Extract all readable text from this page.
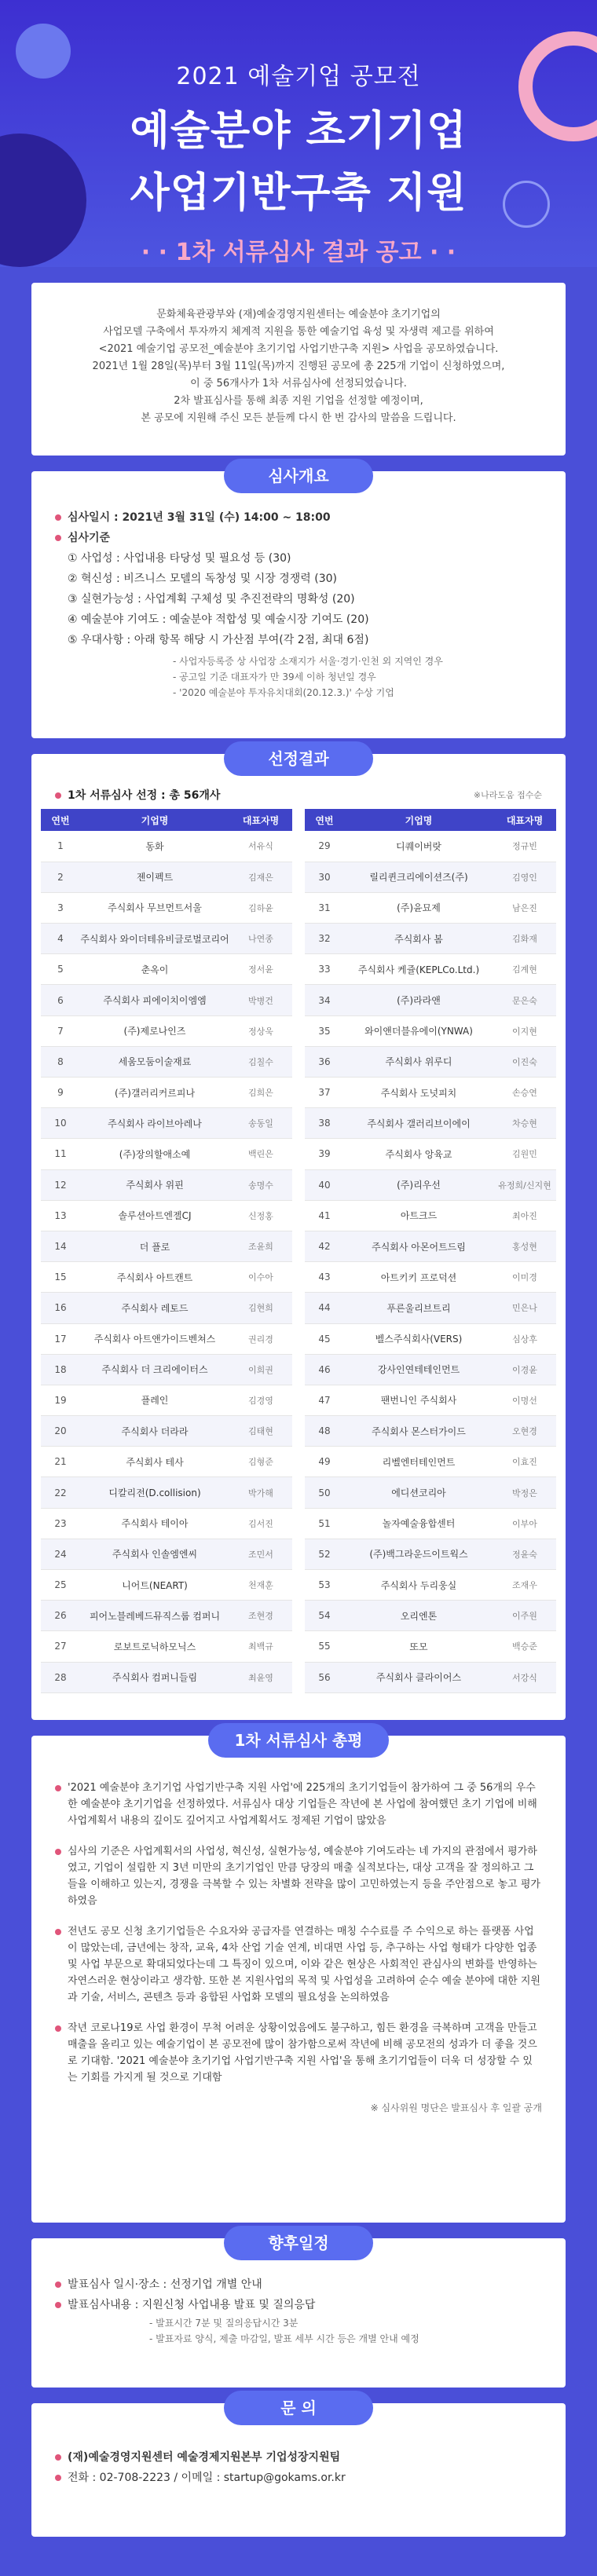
2021 예술기업 공모전
예술분야 초기기업
사업기반구축 지원
· · 1차 서류심사 결과 공고 · ·
문화체육관광부와 (재)예술경영지원센터는 예술분야 초기기업의
사업모델 구축에서 투자까지 체계적 지원을 통한 예술기업 육성 및 자생력 제고를 위하여
<2021 예술기업 공모전_예술분야 초기기업 사업기반구축 지원> 사업을 공모하였습니다.
2021년 1월 28일(목)부터 3월 11일(목)까지 진행된 공모에 총 225개 기업이 신청하였으며,
이 중 56개사가 1차 서류심사에 선정되었습니다.
2차 발표심사를 통해 최종 지원 기업을 선정할 예정이며,
본 공모에 지원해 주신 모든 분들께 다시 한 번 감사의 말씀을 드립니다.
심사개요
심사일시 : 2021년 3월 31일 (수) 14:00 ~ 18:00
심사기준
① 사업성 : 사업내용 타당성 및 필요성 등 (30)
② 혁신성 : 비즈니스 모델의 독창성 및 시장 경쟁력 (30)
③ 실현가능성 : 사업계획 구체성 및 추진전략의 명확성 (20)
④ 예술분야 기여도 : 예술분야 적합성 및 예술시장 기여도 (20)
⑤ 우대사항 : 아래 항목 해당 시 가산점 부여(각 2점, 최대 6점)
- 사업자등록증 상 사업장 소재지가 서울·경기·인천 외 지역인 경우
- 공고일 기준 대표자가 만 39세 이하 청년일 경우
- '2020 예술분야 투자유치대회(20.12.3.)' 수상 기업
선정결과
1차 서류심사 선정 : 총 56개사	※나라도움 접수순
연번	기업명	대표자명
1	동화	서유식
2	젠이펙트	김재은
3	주식회사 무브먼트서울	김하윤
4	주식회사 와이더테유비글로벌코리어	나연종
5	춘옥이	정서윤
6	주식회사 피에이치이엠엠	박병건
7	(주)제로나인즈	정상욱
8	세움모둠이술재료	김칠수
9	(주)갤러리커르피나	김희은
10	주식회사 라이브아레나	송동일
11	(주)장의할애소예	백린은
12	주식회사 위핀	송명수
13	솔루션아트엔젤CJ	신정홍
14	더 플로	조윤희
15	주식회사 아트캔트	이수아
16	주식회사 레토드	김현희
17	주식회사 아트앤가이드벤쳐스	권리경
18	주식회사 더 크리에이터스	이희권
19	플레인	김경영
20	주식회사 더라라	김태현
21	주식회사 테사	김형준
22	디칼리전(D.collision)	박가해
23	주식회사 테이아	김서진
24	주식회사 인솔엠엔씨	조민서
25	니어트(NEART)	천재훈
26	피어노블레베드뮤직스룹 컴퍼니	조현경
27	로보트로닉하모닉스	최백규
28	주식회사 컴퍼니들림	최윤영
연번	기업명	대표자명
29	디퀘이버랏	정규빈
30	릴리퀸크리에이션즈(주)	김영인
31	(주)윤묘제	남은진
32	주식회사 봄	김화재
33	주식회사 케쥴(KEPLCo.Ltd.)	김계현
34	(주)라라앤	문은숙
35	와이앤더블유에이(YNWA)	이지현
36	주식회사 위루디	이진숙
37	주식회사 도넛피치	손승연
38	주식회사 갤러리브이에이	차승현
39	주식회사 앙육교	김원민
40	(주)리우선	유정희/신지현
41	아트크드	최아진
42	주식회사 아몬어트드림	홍성현
43	아트키키 프로덕션	이미경
44	푸른울리브트리	민은나
45	벨스주식회사(VERS)	심상후
46	강사인연테테인먼트	이경윤
47	팬번니인 주식회사	이명선
48	주식회사 몬스터가이드	오현경
49	리벨엔터테인먼트	이효진
50	에디션코리아	박정은
51	놀자예술융합센터	이부아
52	(주)백그라운드이트웍스	정윤숙
53	주식회사 두리웅실	조재우
54	오리엔톤	이주원
55	또모	백승준
56	주식회사 클라이어스	서강식
1차 서류심사 총평
'2021 예술분야 초기기업 사업기반구축 지원 사업'에 225개의 초기기업들이 참가하여 그 중 56개의 우수한 예술분야 초기기업을 선정하였다. 서류심사 대상 기업들은 작년에 본 사업에 참여했던 초기 기업에 비해 사업계획서 내용의 깊이도 깊어지고 사업계획서도 정제된 기업이 많았음
심사의 기준은 사업계획서의 사업성, 혁신성, 실현가능성, 예술분야 기여도라는 네 가지의 관점에서 평가하였고, 기업이 설립한 지 3년 미만의 초기기업인 만큼 당장의 매출 실적보다는, 대상 고객을 잘 정의하고 그들을 이해하고 있는지, 경쟁을 극복할 수 있는 차별화 전략을 많이 고민하였는지 등을 주안점으로 놓고 평가하였음
전년도 공모 신청 초기기업들은 수요자와 공급자를 연결하는 매칭 수수료를 주 수익으로 하는 플랫폼 사업이 많았는데, 금년에는 창작, 교육, 4차 산업 기술 연계, 비대면 사업 등, 추구하는 사업 형태가 다양한 업종 및 사업 부문으로 확대되었다는데 그 특징이 있으며, 이와 같은 현상은 사회적인 관심사의 변화를 반영하는 자연스러운 현상이라고 생각함. 또한 본 지원사업의 목적 및 사업성을 고려하여 순수 예술 분야에 대한 지원과 기술, 서비스, 콘텐츠 등과 융합된 사업화 모델의 필요성을 논의하였음
작년 코로나19로 사업 환경이 무척 어려운 상황이었음에도 불구하고, 힘든 환경을 극복하며 고객을 만들고 매출을 올리고 있는 예술기업이 본 공모전에 많이 참가함으로써 작년에 비해 공모전의 성과가 더 좋을 것으로 기대함. '2021 예술분야 초기기업 사업기반구축 지원 사업'을 통해 초기기업들이 더욱 더 성장할 수 있는 기회를 가지게 될 것으로 기대함
※ 심사위원 명단은 발표심사 후 일괄 공개
향후일정
발표심사 일시·장소 : 선정기업 개별 안내
발표심사내용 : 지원신청 사업내용 발표 및 질의응답
- 발표시간 7분 및 질의응답시간 3분
- 발표자료 양식, 제출 마감일, 발표 세부 시간 등은 개별 안내 예정
문 의
(재)예술경영지원센터 예술경제지원본부 기업성장지원팀
전화 : 02-708-2223 / 이메일 : startup@gokams.or.kr
